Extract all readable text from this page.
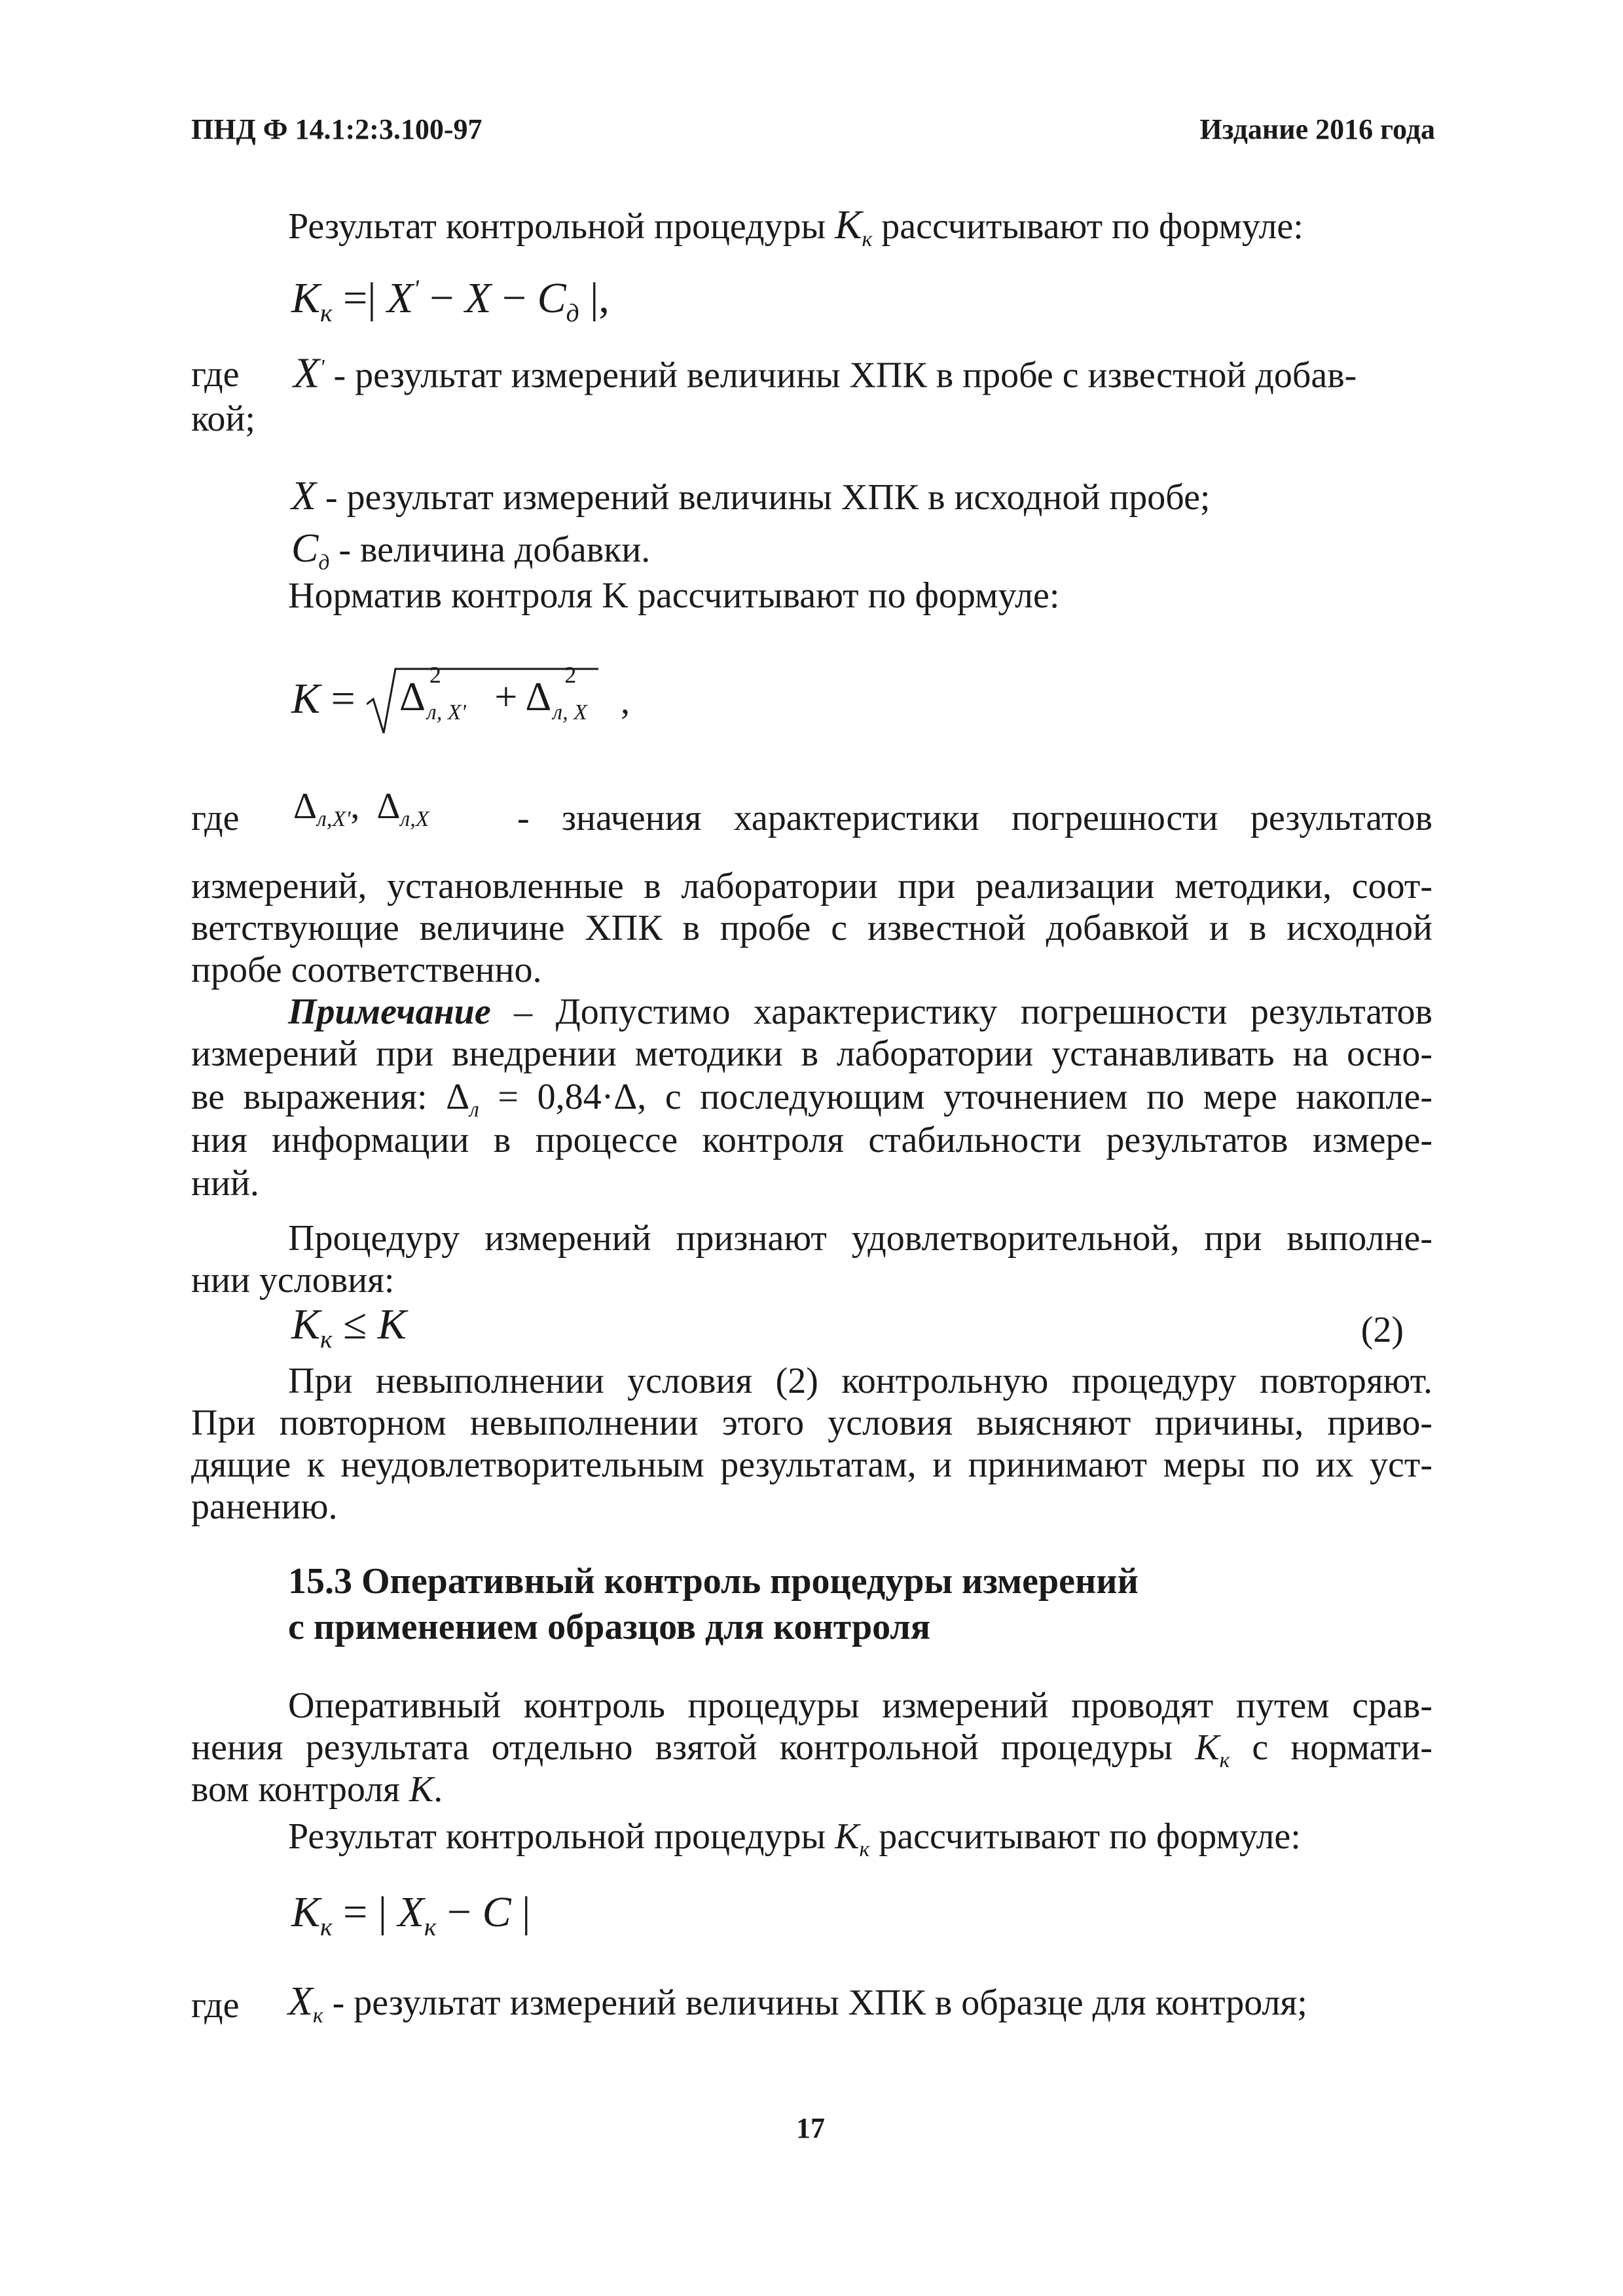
ПНД Ф 14.1:2:3.100-97	Издание 2016 года
Результат контрольной процедуры $K_к$ рассчитывают по формуле:
$K_к$ =| $X' - X - C_д$ |,
где X' - результат измерений величины ХПК в пробе с известной добав-
кой;
X - результат измерений величины ХПК в исходной пробе;
$C_д$ - величина добавки.
Норматив контроля K рассчитывают по формуле:
K = Δ 2
л, X' + Δ 2
л, X ,
где $\Delta_{л,X'}$, $\Delta_{л,X}$ - значения характеристики погрешности результатов
измерений, установленные в лаборатории при реализации методики, соот-
ветствующие величине ХПК в пробе с известной добавкой и в исходной
пробе соответственно.
Примечание – Допустимо характеристику погрешности результатов
измерений при внедрении методики в лаборатории устанавливать на осно-
ве выражения: $\Delta_л = 0,84\cdot\Delta$, с последующим уточнением по мере накопле-
ния информации в процессе контроля стабильности результатов измере-
ний.
Процедуру измерений признают удовлетворительной, при выполне-
нии условия:
$K_к \le K$	(2)
При невыполнении условия (2) контрольную процедуру повторяют.
При повторном невыполнении этого условия выясняют причины, приво-
дящие к неудовлетворительным результатам, и принимают меры по их уст-
ранению.
15.3 Оперативный контроль процедуры измерений
с применением образцов для контроля
Оперативный контроль процедуры измерений проводят путем срав-
нения результата отдельно взятой контрольной процедуры $K_к$ с нормати-
вом контроля K.
Результат контрольной процедуры $K_к$ рассчитывают по формуле:
$K_к$ = | $X_к - C$ |
где $X_к$ - результат измерений величины ХПК в образце для контроля;
17
